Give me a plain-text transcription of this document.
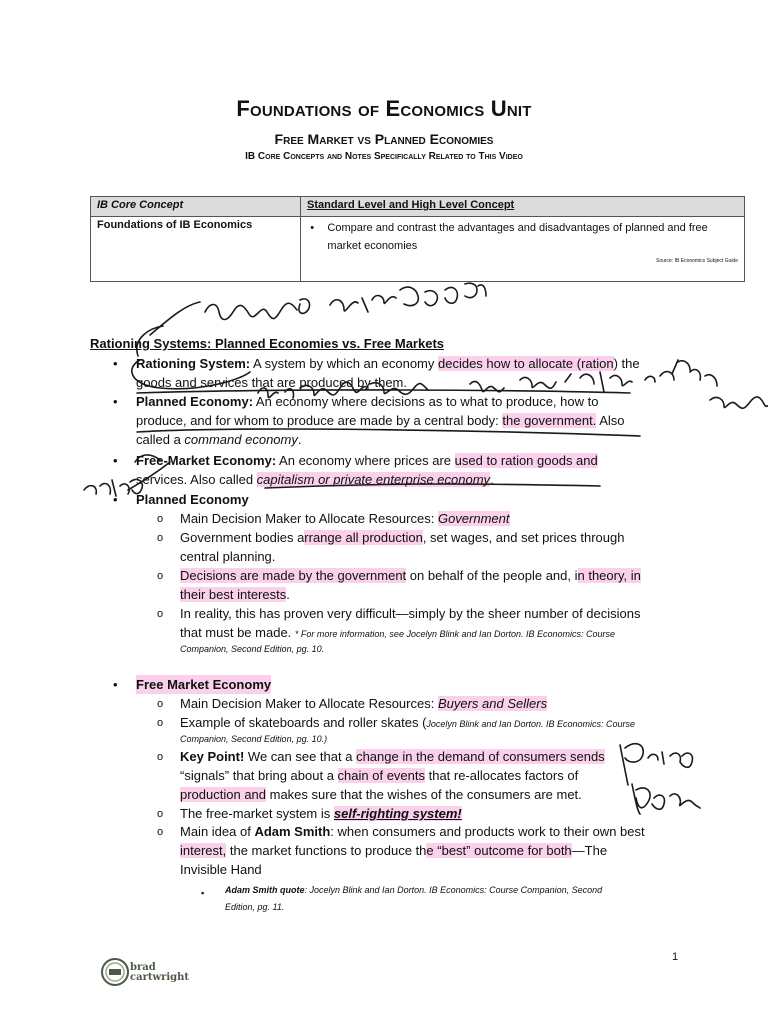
Foundations of Economics Unit
Free Market vs Planned Economies
IB Core Concepts and Notes Specifically Related to This Video
IB Core Concept	Standard Level and High Level Concept
Foundations of IB Economics	• Compare and contrast the advantages and disadvantages of planned and free market economies
Source: IB Economics Subject Guide
Rationing Systems: Planned Economies vs. Free Markets
• Rationing System: A system by which an economy decides how to allocate (ration) the
goods and services that are produced by them.
• Planned Economy: An economy where decisions as to what to produce, how to
produce, and for whom to produce are made by a central body: the government. Also
called a command economy.
• Free-Market Economy: An economy where prices are used to ration goods and
services. Also called capitalism or private enterprise economy.
• Planned Economy
o Main Decision Maker to Allocate Resources: Government
o Government bodies arrange all production, set wages, and set prices through
central planning.
o Decisions are made by the government on behalf of the people and, in theory, in
their best interests.
o In reality, this has proven very difficult—simply by the sheer number of decisions
that must be made. * For more information, see Jocelyn Blink and Ian Dorton. IB Economics: Course
Companion, Second Edition, pg. 10.
• Free Market Economy
o Main Decision Maker to Allocate Resources: Buyers and Sellers
o Example of skateboards and roller skates (Jocelyn Blink and Ian Dorton. IB Economics: Course
Companion, Second Edition, pg. 10.)
o Key Point! We can see that a change in the demand of consumers sends
“signals” that bring about a chain of events that re-allocates factors of
production and makes sure that the wishes of the consumers are met.
o The free-market system is self-righting system!
o Main idea of Adam Smith: when consumers and products work to their own best
interest, the market functions to produce the “best” outcome for both—The
Invisible Hand
▪ Adam Smith quote: Jocelyn Blink and Ian Dorton. IB Economics: Course Companion, Second
Edition, pg. 11.
1
brad
cartwright
